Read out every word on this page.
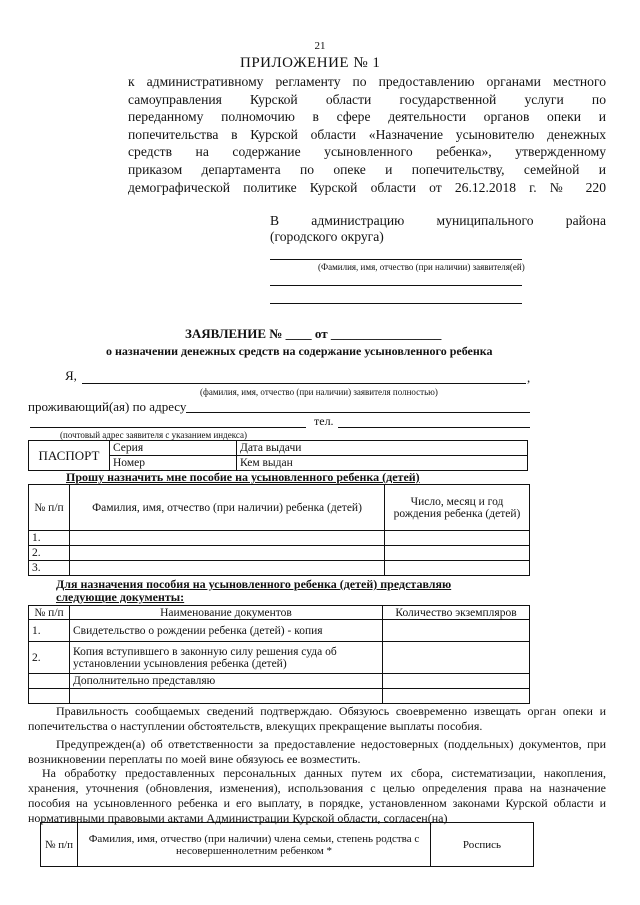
21
ПРИЛОЖЕНИЕ № 1
к административному регламенту по предоставлению органами местного
самоуправления Курской области государственной услуги по
переданному полномочию в сфере деятельности органов опеки и
попечительства в Курской области «Назначение усыновителю денежных
средств на содержание усыновленного ребенка», утвержденному
приказом департамента по опеке и попечительству, семейной и
демографической политике Курской области от 26.12.2018 г. № 220
В администрацию муниципального района
(городского округа)
(Фамилия, имя, отчество (при наличии) заявителя(ей)
ЗАЯВЛЕНИЕ № ____ от _________________
о назначении денежных средств на содержание усыновленного ребенка
Я,	,
(фамилия, имя, отчество (при наличии) заявителя полностью)
проживающий(ая) по адресу
тел.
(почтовый адрес заявителя с указанием индекса)
ПАСПОРТ	Серия	Дата выдачи
	Номер	Кем выдан
Прошу назначить мне пособие на усыновленного ребенка (детей)
№ п/п	Фамилия, имя, отчество (при наличии) ребенка (детей)	Число, месяц и год рождения ребенка (детей)
1.		
2.		
3.		
Для назначения пособия на усыновленного ребенка (детей) представляю
следующие документы:
№ п/п	Наименование документов	Количество экземпляров
1.	Свидетельство о рождении ребенка (детей) - копия	
2.	Копия вступившего в законную силу решения суда об установлении усыновления ребенка (детей)	
	Дополнительно представляю	

Правильность сообщаемых сведений подтверждаю. Обязуюсь своевременно извещать орган опеки и попечительства о наступлении обстоятельств, влекущих прекращение выплаты пособия.
Предупрежден(а) об ответственности за предоставление недостоверных (поддельных) документов, при возникновении переплаты по моей вине обязуюсь ее возместить.
На обработку предоставленных персональных данных путем их сбора, систематизации, накопления, хранения, уточнения (обновления, изменения), использования с целью определения права на назначение пособия на усыновленного ребенка и его выплату, в порядке, установленном законами Курской области и нормативными правовыми актами Администрации Курской области, согласен(на)
№ п/п	Фамилия, имя, отчество (при наличии) члена семьи, степень родства с несовершеннолетним ребенком *	Роспись
